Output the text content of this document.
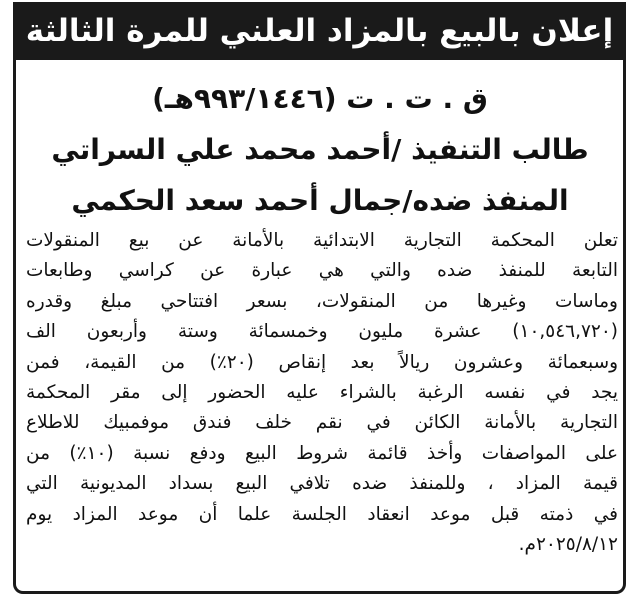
إعلان بالبيع بالمزاد العلني للمرة الثالثة
ق . ت . ت (٩٩٣/١٤٤٦هـ)
طالب التنفيذ /أحمد محمد علي السراتي
المنفذ ضده/جمال أحمد سعد الحكمي
تعلن المحكمة التجارية الابتدائية بالأمانة عن بيع المنقولات
التابعة للمنفذ ضده والتي هي عبارة عن كراسي وطابعات
وماسات وغيرها من المنقولات، بسعر افتتاحي مبلغ وقدره
(١٠,٥٤٦,٧٢٠) عشرة مليون وخمسمائة وستة وأربعون الف
وسبعمائة وعشرون ريالاً بعد إنقاص (٢٠٪) من القيمة، فمن
يجد في نفسه الرغبة بالشراء عليه الحضور إلى مقر المحكمة
التجارية بالأمانة الكائن في نقم خلف فندق موفمبيك للاطلاع
على المواصفات وأخذ قائمة شروط البيع ودفع نسبة (١٠٪) من
قيمة المزاد ، وللمنفذ ضده تلافي البيع بسداد المديونية التي
في ذمته قبل موعد انعقاد الجلسة علما أن موعد المزاد يوم
٢٠٢٥/٨/١٢م.
